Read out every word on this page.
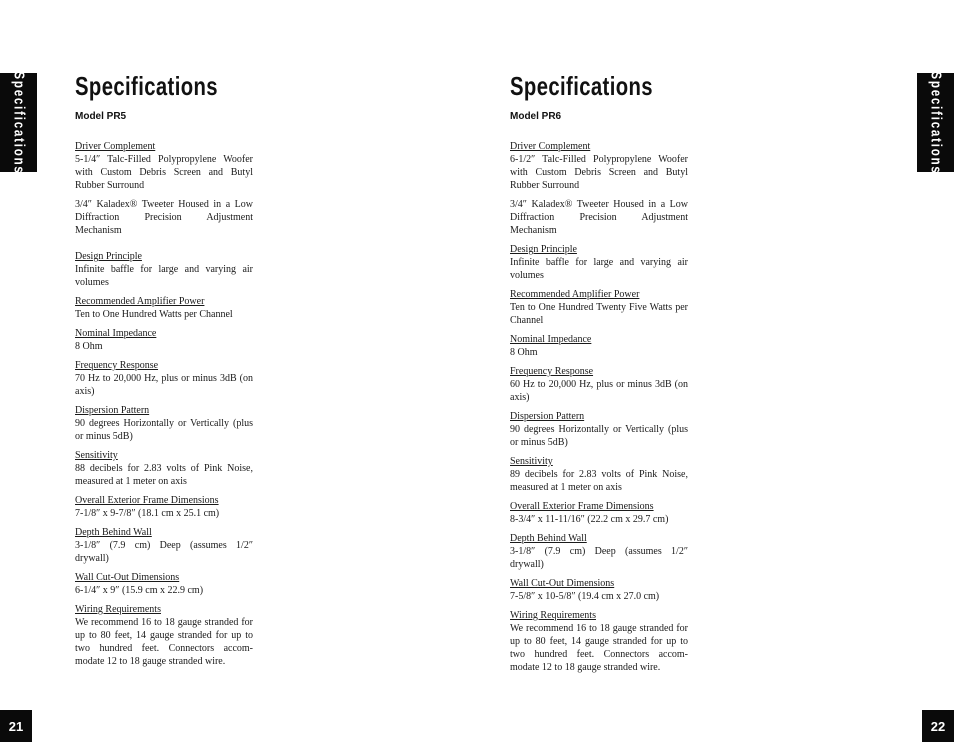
Specifications
21
Specifications
Model PR5
Driver Complement
5-1/4″ Talc-Filled Polypropylene Woofer with Custom Debris Screen and Butyl Rubber Surround
3/4″ Kaladex® Tweeter Housed in a Low Diffraction Precision Adjustment Mechanism
Design Principle
Infinite baffle for large and varying air volumes
Recommended Amplifier Power
Ten to One Hundred Watts per Channel
Nominal Impedance
8 Ohm
Frequency Response
70 Hz to 20,000 Hz, plus or minus 3dB (on axis)
Dispersion Pattern
90 degrees Horizontally or Vertically (plus or minus 5dB)
Sensitivity
88 decibels for 2.83 volts of Pink Noise, measured at 1 meter on axis
Overall Exterior Frame Dimensions
7-1/8″ x 9-7/8″ (18.1 cm x 25.1 cm)
Depth Behind Wall
3-1/8″ (7.9 cm) Deep (assumes 1/2″ drywall)
Wall Cut-Out Dimensions
6-1/4″ x 9″ (15.9 cm x 22.9 cm)
Wiring Requirements
We recommend 16 to 18 gauge stranded for up to 80 feet, 14 gauge stranded for up to two hundred feet. Connectors accom-modate 12 to 18 gauge stranded wire.
Specifications
Model PR6
Driver Complement
6-1/2″ Talc-Filled Polypropylene Woofer with Custom Debris Screen and Butyl Rubber Surround
3/4″ Kaladex® Tweeter Housed in a Low Diffraction Precision Adjustment Mechanism
Design Principle
Infinite baffle for large and varying air volumes
Recommended Amplifier Power
Ten to One Hundred Twenty Five Watts per Channel
Nominal Impedance
8 Ohm
Frequency Response
60 Hz to 20,000 Hz, plus or minus 3dB (on axis)
Dispersion Pattern
90 degrees Horizontally or Vertically (plus or minus 5dB)
Sensitivity
89 decibels for 2.83 volts of Pink Noise, measured at 1 meter on axis
Overall Exterior Frame Dimensions
8-3/4″ x 11-11/16″ (22.2 cm x 29.7 cm)
Depth Behind Wall
3-1/8″ (7.9 cm) Deep (assumes 1/2″ drywall)
Wall Cut-Out Dimensions
7-5/8″ x 10-5/8″ (19.4 cm x 27.0 cm)
Wiring Requirements
We recommend 16 to 18 gauge stranded for up to 80 feet, 14 gauge stranded for up to two hundred feet. Connectors accom-modate 12 to 18 gauge stranded wire.
Specifications
22
